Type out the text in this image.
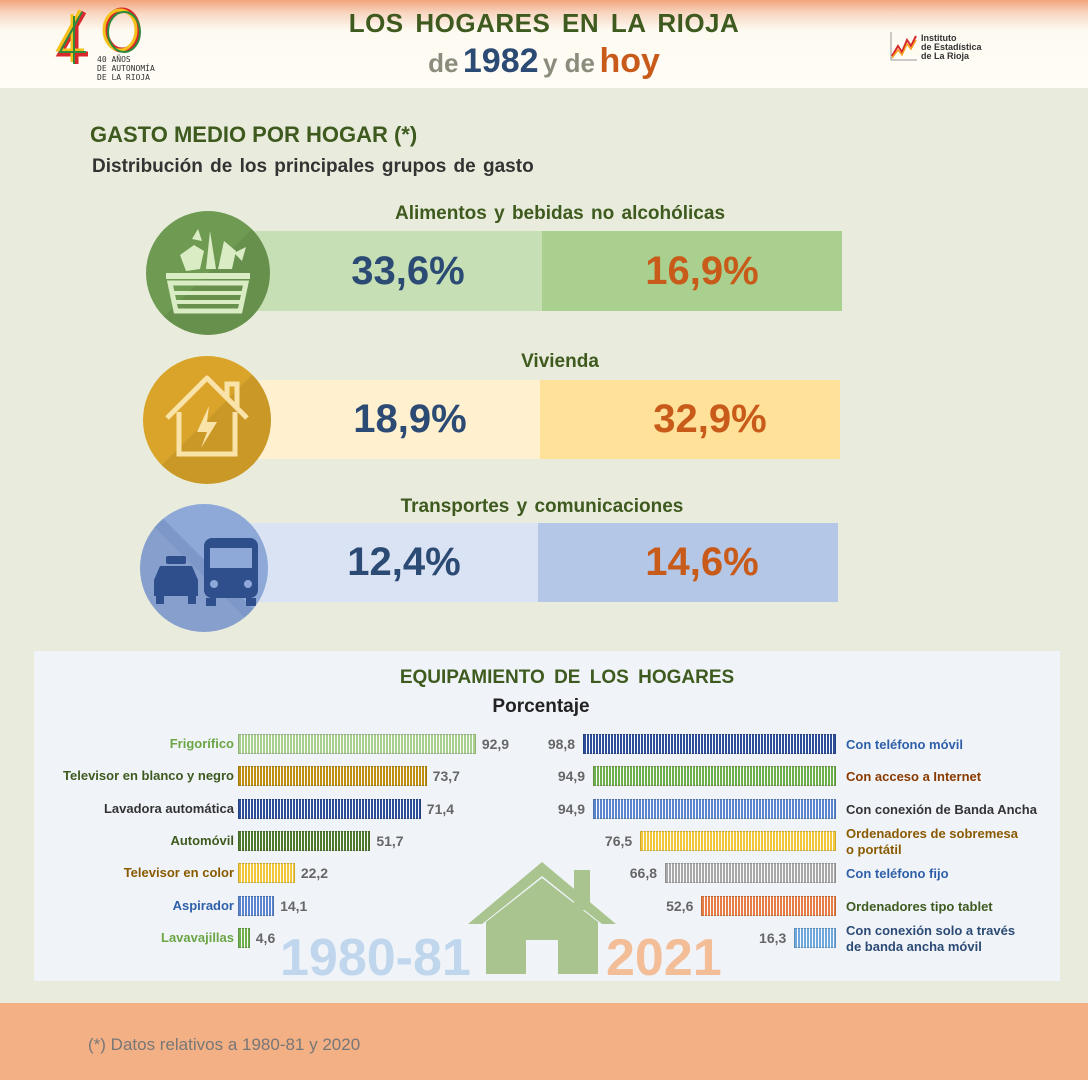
40 AÑOS
DE AUTONOMÍA
DE LA RIOJA
LOS HOGARES EN LA RIOJA
de 1982 y de hoy
Instituto
de Estadística
de La Rioja
GASTO MEDIO POR HOGAR (*)
Distribución de los principales grupos de gasto
Alimentos y bebidas no alcohólicas
33,6%	16,9%
Vivienda
18,9%	32,9%
Transportes y comunicaciones
12,4%	14,6%
1980-81	2021
EQUIPAMIENTO DE LOS HOGARES
Porcentaje
Frigorífico	92,9
Televisor en blanco y negro	73,7
Lavadora automática	71,4
Automóvil	51,7
Televisor en color	22,2
Aspirador	14,1
Lavavajillas 4,6
98,8	Con teléfono móvil
94,9	Con acceso a Internet
94,9	Con conexión de Banda Ancha
76,5	Ordenadores de sobremesa
o portátil
66,8	Con teléfono fijo
52,6	Ordenadores tipo tablet
16,3	Con conexión solo a través
de banda ancha móvil
(*) Datos relativos a 1980-81 y 2020
